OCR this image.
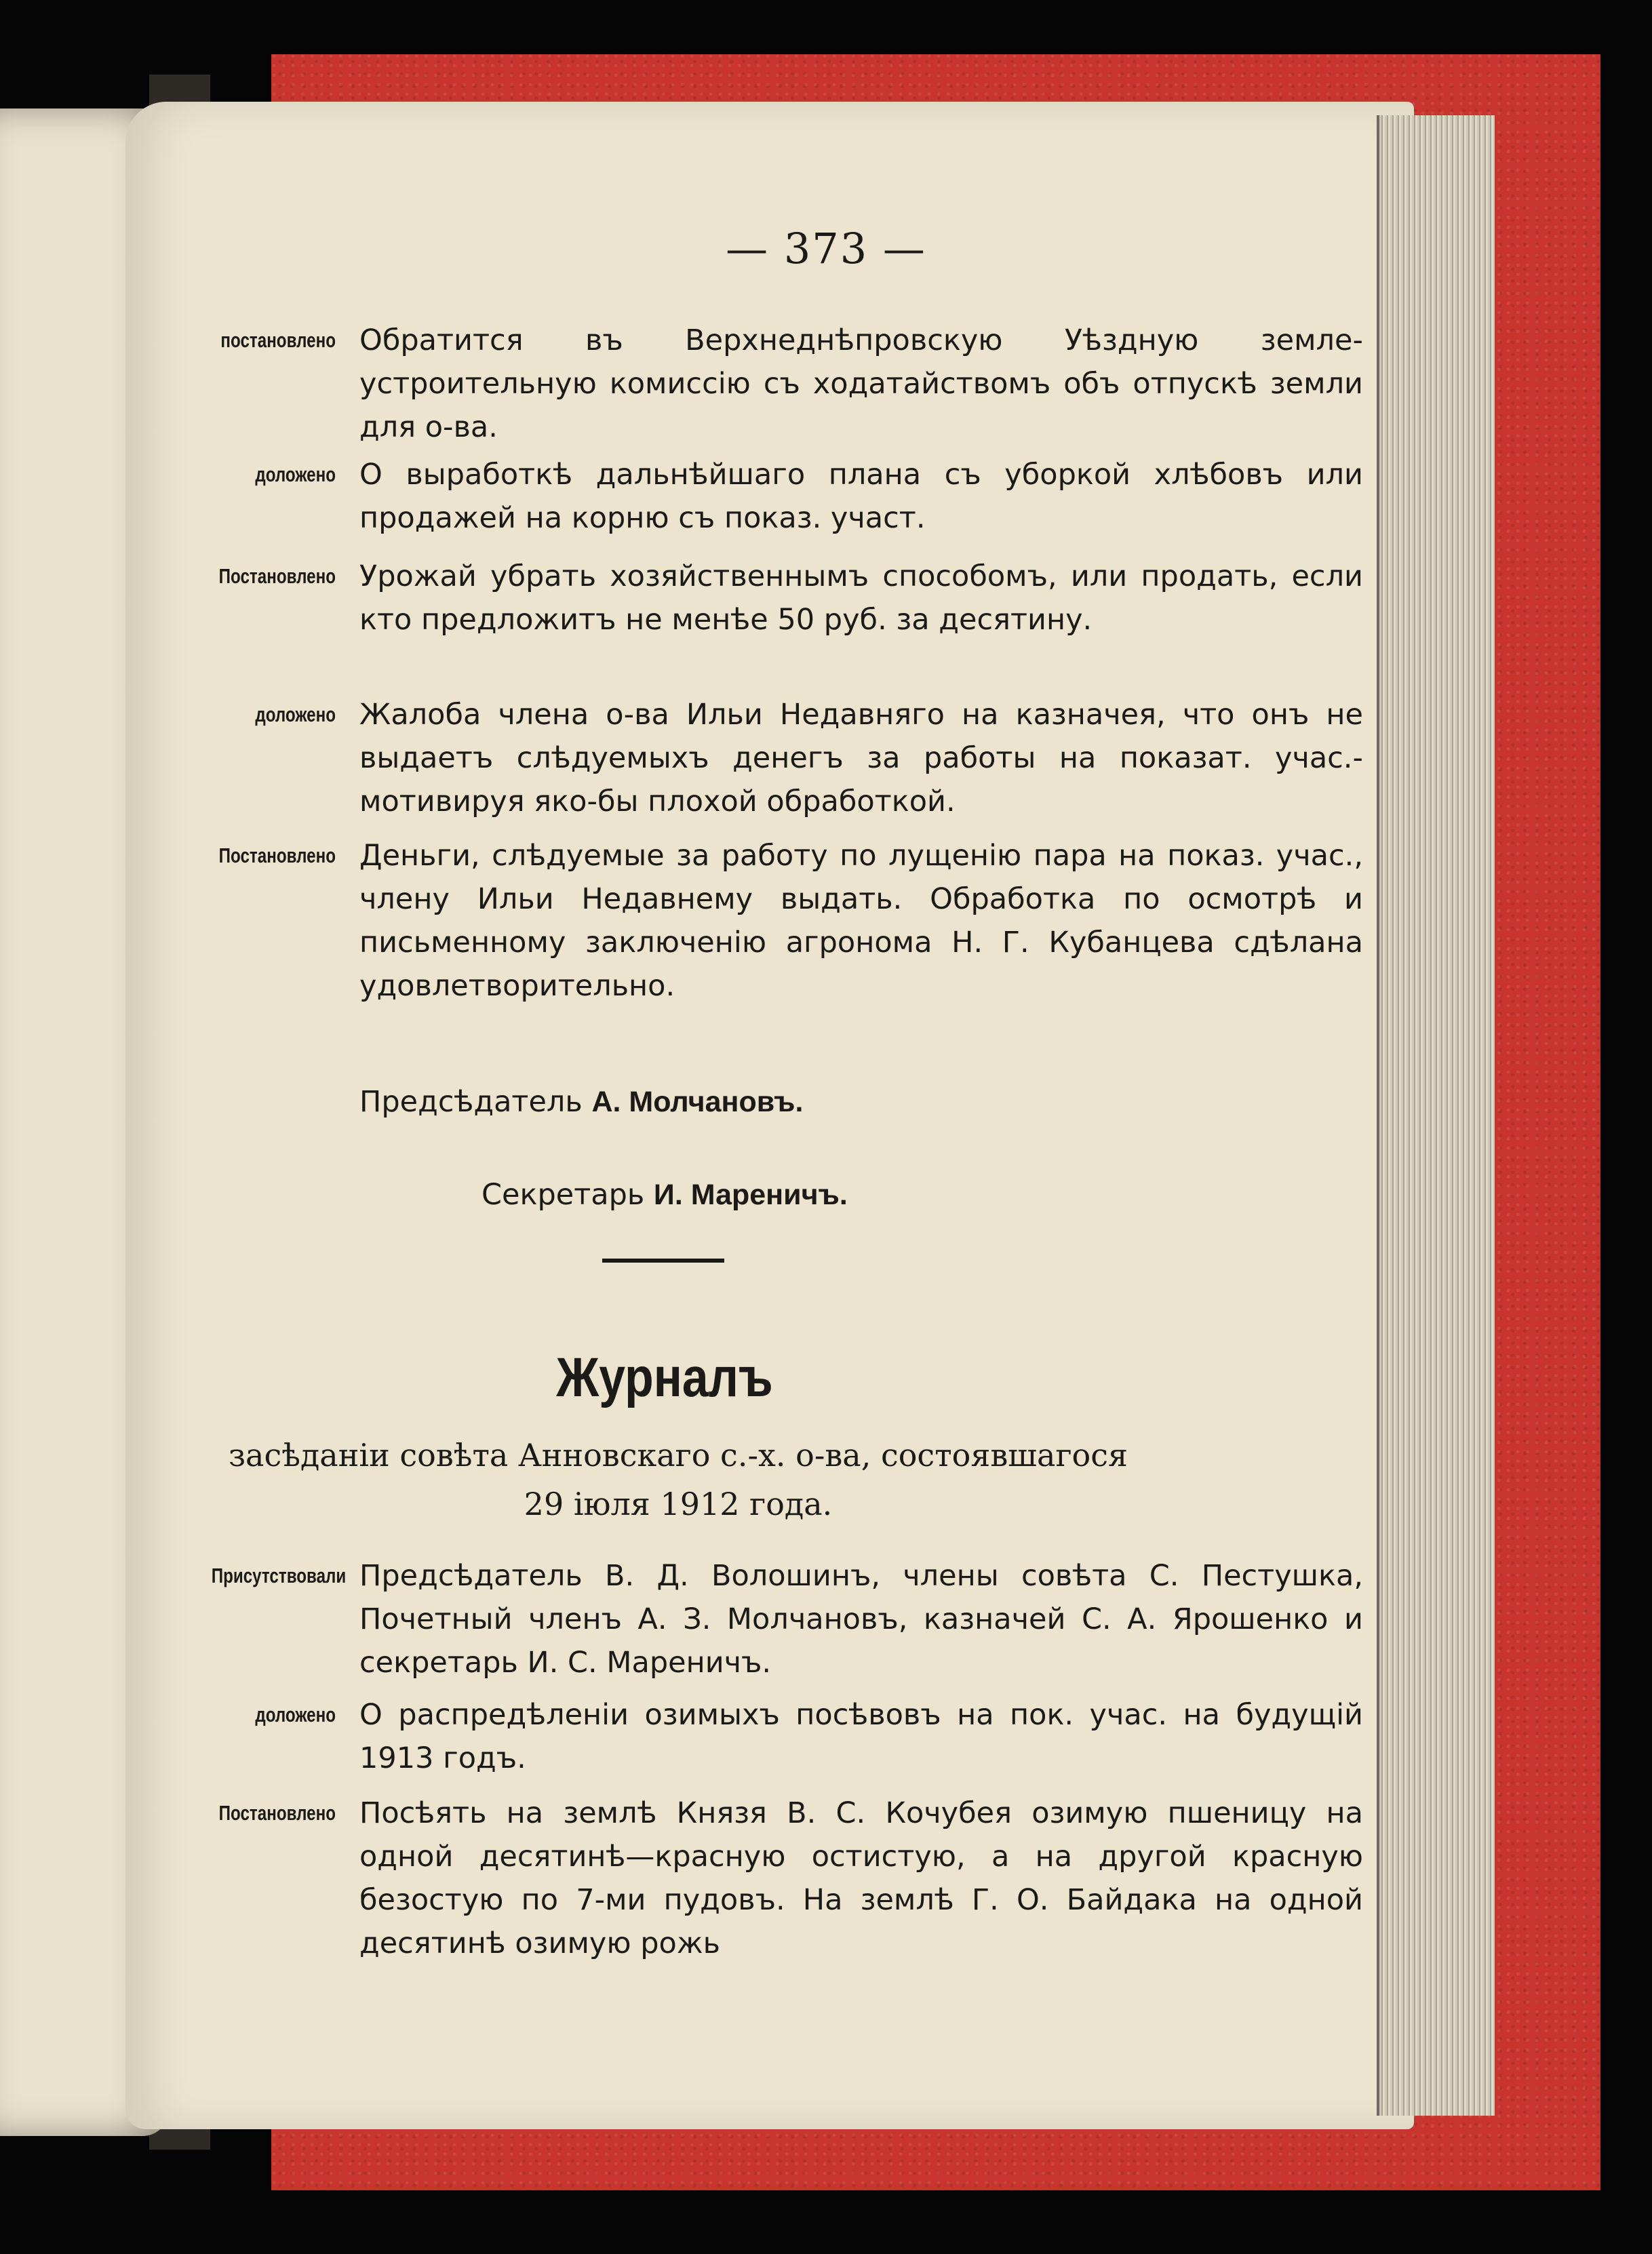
— 373 —
постановлено Обратится въ Верхнеднѣпровскую Уѣздную земле-устроительную комиссію съ ходатайствомъ объ отпускѣ земли для о-ва.
доложено О выработкѣ дальнѣйшаго плана съ уборкой хлѣбовъ или продажей на корню съ показ. участ.
Постановлено Урожай убрать хозяйственнымъ способомъ, или продать, если кто предложитъ не менѣе 50 руб. за десятину.
доложено Жалоба члена о-ва Ильи Недавняго на казначея, что онъ не выдаетъ слѣдуемыхъ денегъ за работы на показат. учас.-мотивируя яко-бы плохой обработкой.
Постановлено Деньги, слѣдуемые за работу по лущенію пара на показ. учас., члену Ильи Недавнему выдать. Обработка по осмотрѣ и письменному заключенію агронома Н. Г. Кубанцева сдѣлана удовлетворительно.
Предсѣдатель А. Молчановъ.
Секретарь И. Мареничъ.
Журналъ
засѣданіи совѣта Анновскаго с.-х. о-ва, состоявшагося
29 іюля 1912 года.
Присутствовали Предсѣдатель В. Д. Волошинъ, члены совѣта С. Пестушка, Почетный членъ А. З. Молчановъ, казначей С. А. Ярошенко и секретарь И. С. Мареничъ.
доложено О распредѣленіи озимыхъ посѣвовъ на пок. учас. на будущій 1913 годъ.
Постановлено Посѣять на землѣ Князя В. С. Кочубея озимую пшеницу на одной десятинѣ—красную остистую, а на другой красную безостую по 7-ми пудовъ. На землѣ Г. О. Байдака на одной десятинѣ озимую рожь
